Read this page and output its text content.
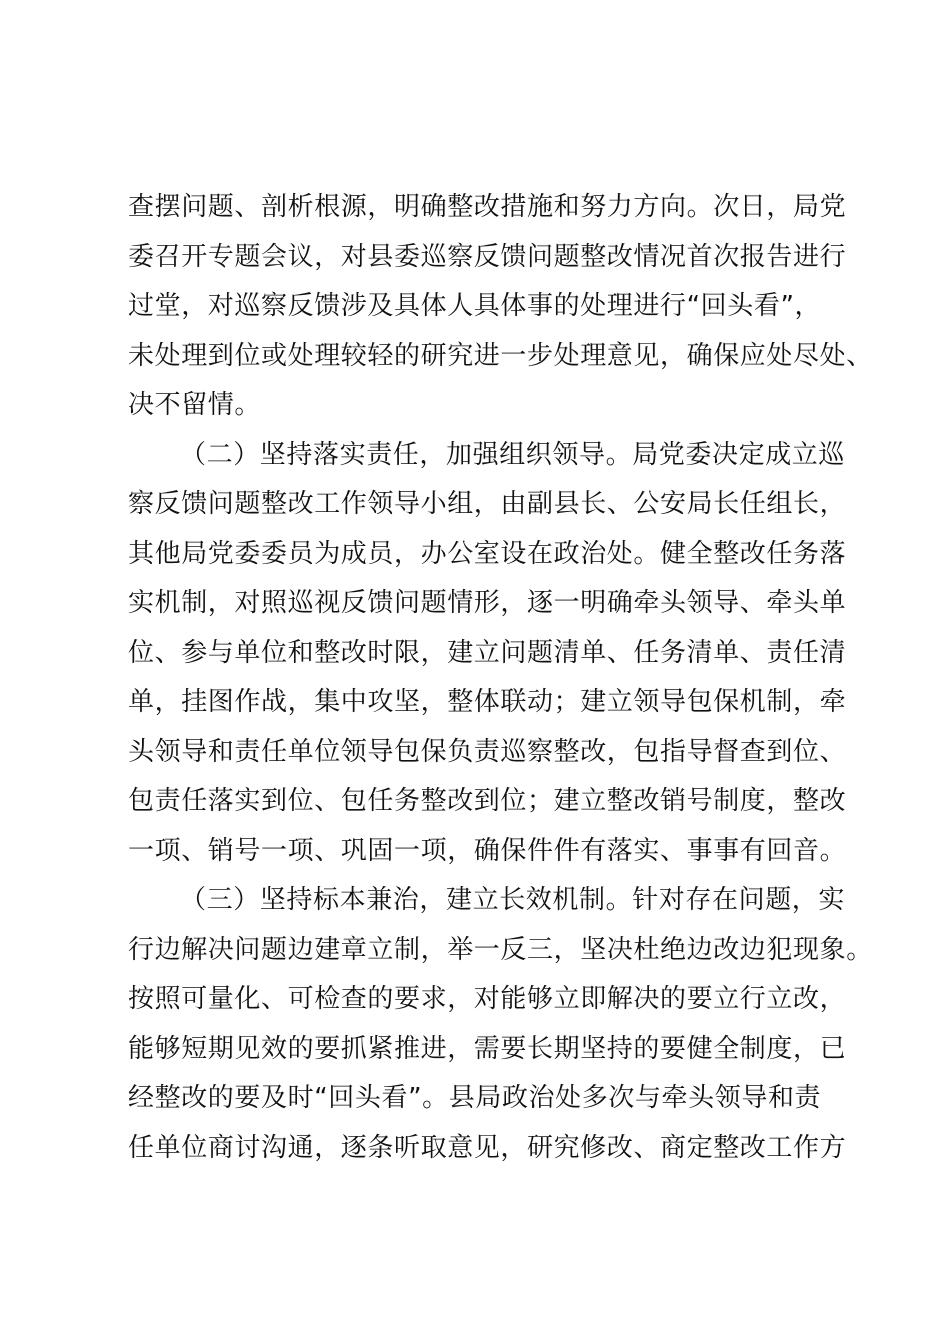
查摆问题、剖析根源，明确整改措施和努力方向。次日，局党
委召开专题会议，对县委巡察反馈问题整改情况首次报告进行
过堂，对巡察反馈涉及具体人具体事的处理进行“回头看”，
未处理到位或处理较轻的研究进一步处理意见，确保应处尽处、
决不留情。
（二）坚持落实责任，加强组织领导。局党委决定成立巡
察反馈问题整改工作领导小组，由副县长、公安局长任组长，
其他局党委委员为成员，办公室设在政治处。健全整改任务落
实机制，对照巡视反馈问题情形，逐一明确牵头领导、牵头单
位、参与单位和整改时限，建立问题清单、任务清单、责任清
单，挂图作战，集中攻坚，整体联动；建立领导包保机制，牵
头领导和责任单位领导包保负责巡察整改，包指导督查到位、
包责任落实到位、包任务整改到位；建立整改销号制度，整改
一项、销号一项、巩固一项，确保件件有落实、事事有回音。
（三）坚持标本兼治，建立长效机制。针对存在问题，实
行边解决问题边建章立制，举一反三，坚决杜绝边改边犯现象。
按照可量化、可检查的要求，对能够立即解决的要立行立改，
能够短期见效的要抓紧推进，需要长期坚持的要健全制度，已
经整改的要及时“回头看”。县局政治处多次与牵头领导和责
任单位商讨沟通，逐条听取意见，研究修改、商定整改工作方
